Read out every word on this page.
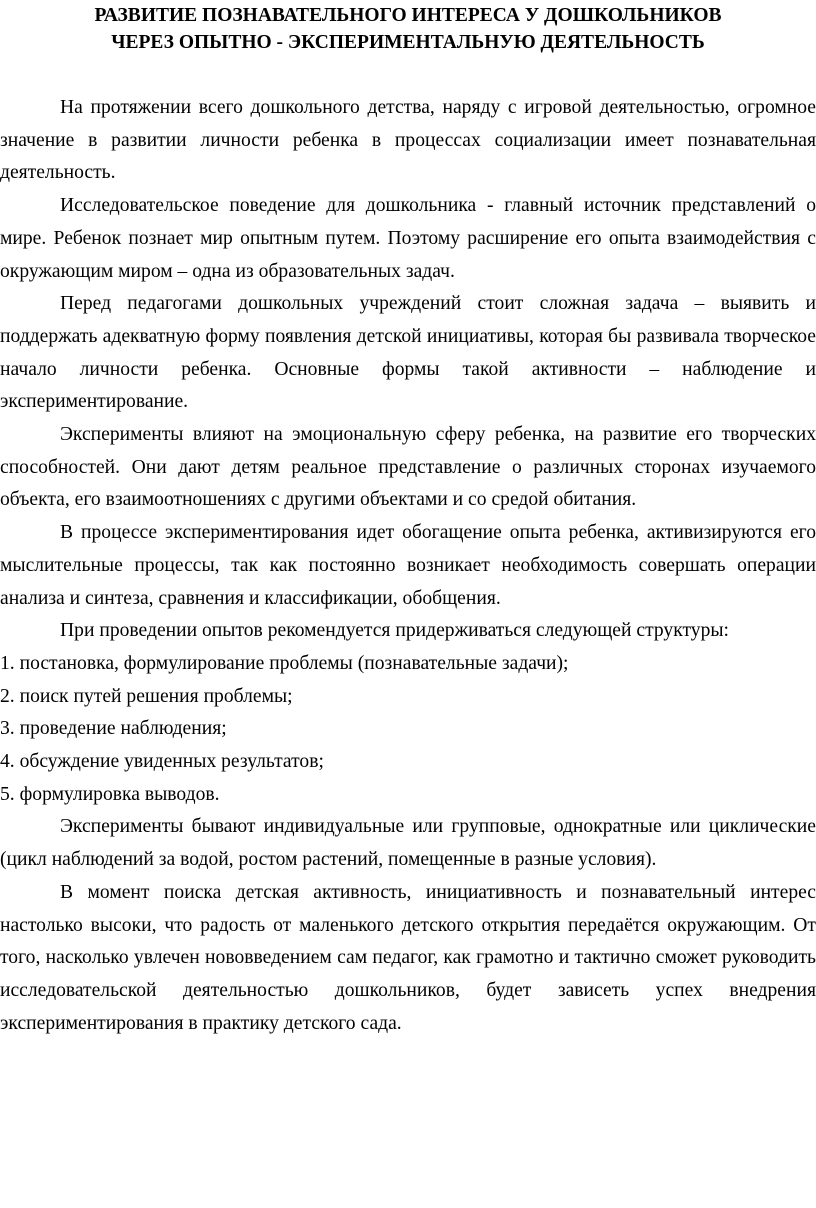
РАЗВИТИЕ ПОЗНАВАТЕЛЬНОГО ИНТЕРЕСА У ДОШКОЛЬНИКОВ
ЧЕРЕЗ ОПЫТНО - ЭКСПЕРИМЕНТАЛЬНУЮ ДЕЯТЕЛЬНОСТЬ

На протяжении всего дошкольного детства, наряду с игровой деятельностью, огромное значение в развитии личности ребенка в процессах социализации имеет познавательная деятельность.

Исследовательское поведение для дошкольника - главный источник представлений о мире. Ребенок познает мир опытным путем. Поэтому расширение его опыта взаимодействия с окружающим миром – одна из образовательных задач.

Перед педагогами дошкольных учреждений стоит сложная задача – выявить и поддержать адекватную форму появления детской инициативы, которая бы развивала творческое начало личности ребенка. Основные формы такой активности – наблюдение и экспериментирование.

Эксперименты влияют на эмоциональную сферу ребенка, на развитие его творческих способностей. Они дают детям реальное представление о различных сторонах изучаемого объекта, его взаимоотношениях с другими объектами и со средой обитания.

В процессе экспериментирования идет обогащение опыта ребенка, активизируются его мыслительные процессы, так как постоянно возникает необходимость совершать операции анализа и синтеза, сравнения и классификации, обобщения.

При проведении опытов рекомендуется придерживаться следующей структуры:

1. постановка, формулирование проблемы (познавательные задачи);

2. поиск путей решения проблемы;

3. проведение наблюдения;

4. обсуждение увиденных результатов;

5. формулировка выводов.

Эксперименты бывают индивидуальные или групповые, однократные или циклические (цикл наблюдений за водой, ростом растений, помещенные в разные условия).

В момент поиска детская активность, инициативность и познавательный интерес настолько высоки, что радость от маленького детского открытия передаётся окружающим. От того, насколько увлечен нововведением сам педагог, как грамотно и тактично сможет руководить исследовательской деятельностью дошкольников, будет зависеть успех внедрения экспериментирования в практику детского сада.
